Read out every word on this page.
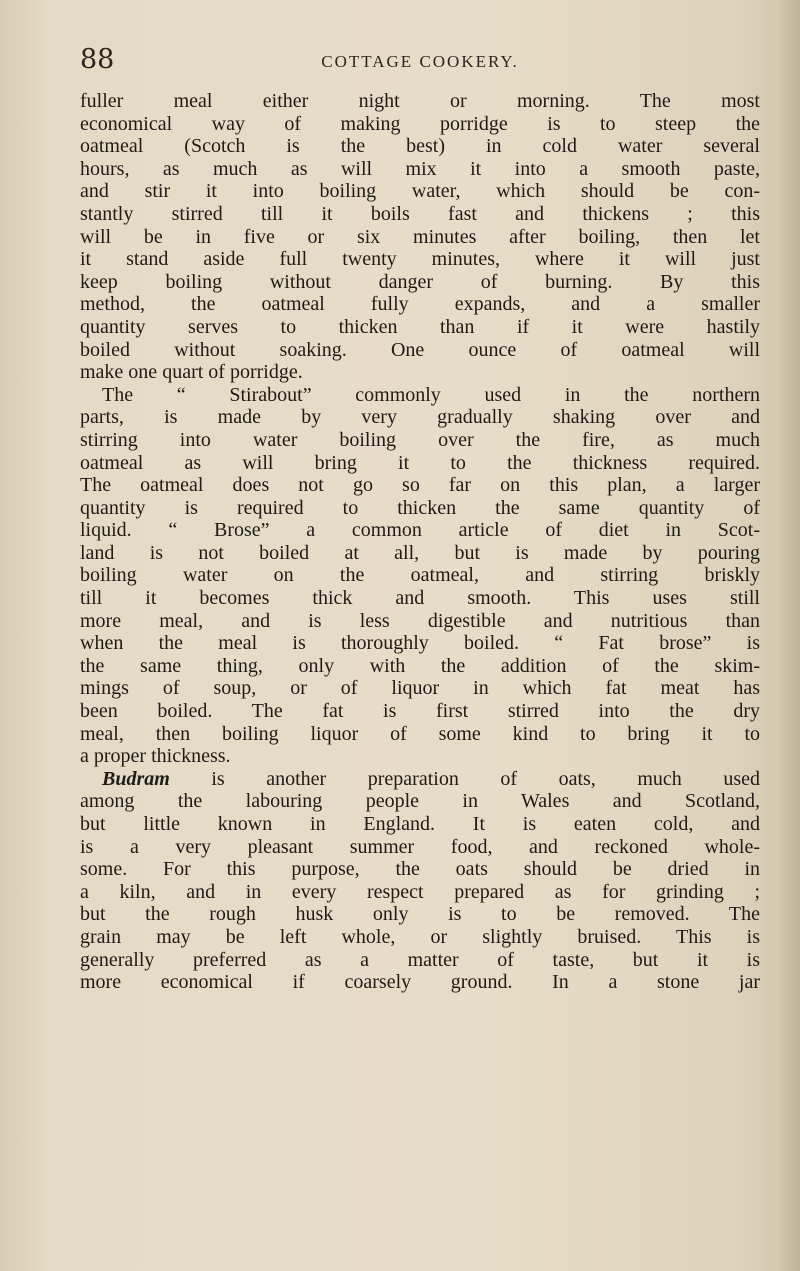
88	COTTAGE COOKERY.
fuller meal either night or morning. The most
economical way of making porridge is to steep the
oatmeal (Scotch is the best) in cold water several
hours, as much as will mix it into a smooth paste,
and stir it into boiling water, which should be con-
stantly stirred till it boils fast and thickens ; this
will be in five or six minutes after boiling, then let
it stand aside full twenty minutes, where it will just
keep boiling without danger of burning. By this
method, the oatmeal fully expands, and a smaller
quantity serves to thicken than if it were hastily
boiled without soaking. One ounce of oatmeal will
make one quart of porridge.
The “ Stirabout” commonly used in the northern
parts, is made by very gradually shaking over and
stirring into water boiling over the fire, as much
oatmeal as will bring it to the thickness required.
The oatmeal does not go so far on this plan, a larger
quantity is required to thicken the same quantity of
liquid. “ Brose” a common article of diet in Scot-
land is not boiled at all, but is made by pouring
boiling water on the oatmeal, and stirring briskly
till it becomes thick and smooth. This uses still
more meal, and is less digestible and nutritious than
when the meal is thoroughly boiled. “ Fat brose” is
the same thing, only with the addition of the skim-
mings of soup, or of liquor in which fat meat has
been boiled. The fat is first stirred into the dry
meal, then boiling liquor of some kind to bring it to
a proper thickness.
Budram is another preparation of oats, much used
among the labouring people in Wales and Scotland,
but little known in England. It is eaten cold, and
is a very pleasant summer food, and reckoned whole-
some. For this purpose, the oats should be dried in
a kiln, and in every respect prepared as for grinding ;
but the rough husk only is to be removed. The
grain may be left whole, or slightly bruised. This is
generally preferred as a matter of taste, but it is
more economical if coarsely ground. In a stone jar
